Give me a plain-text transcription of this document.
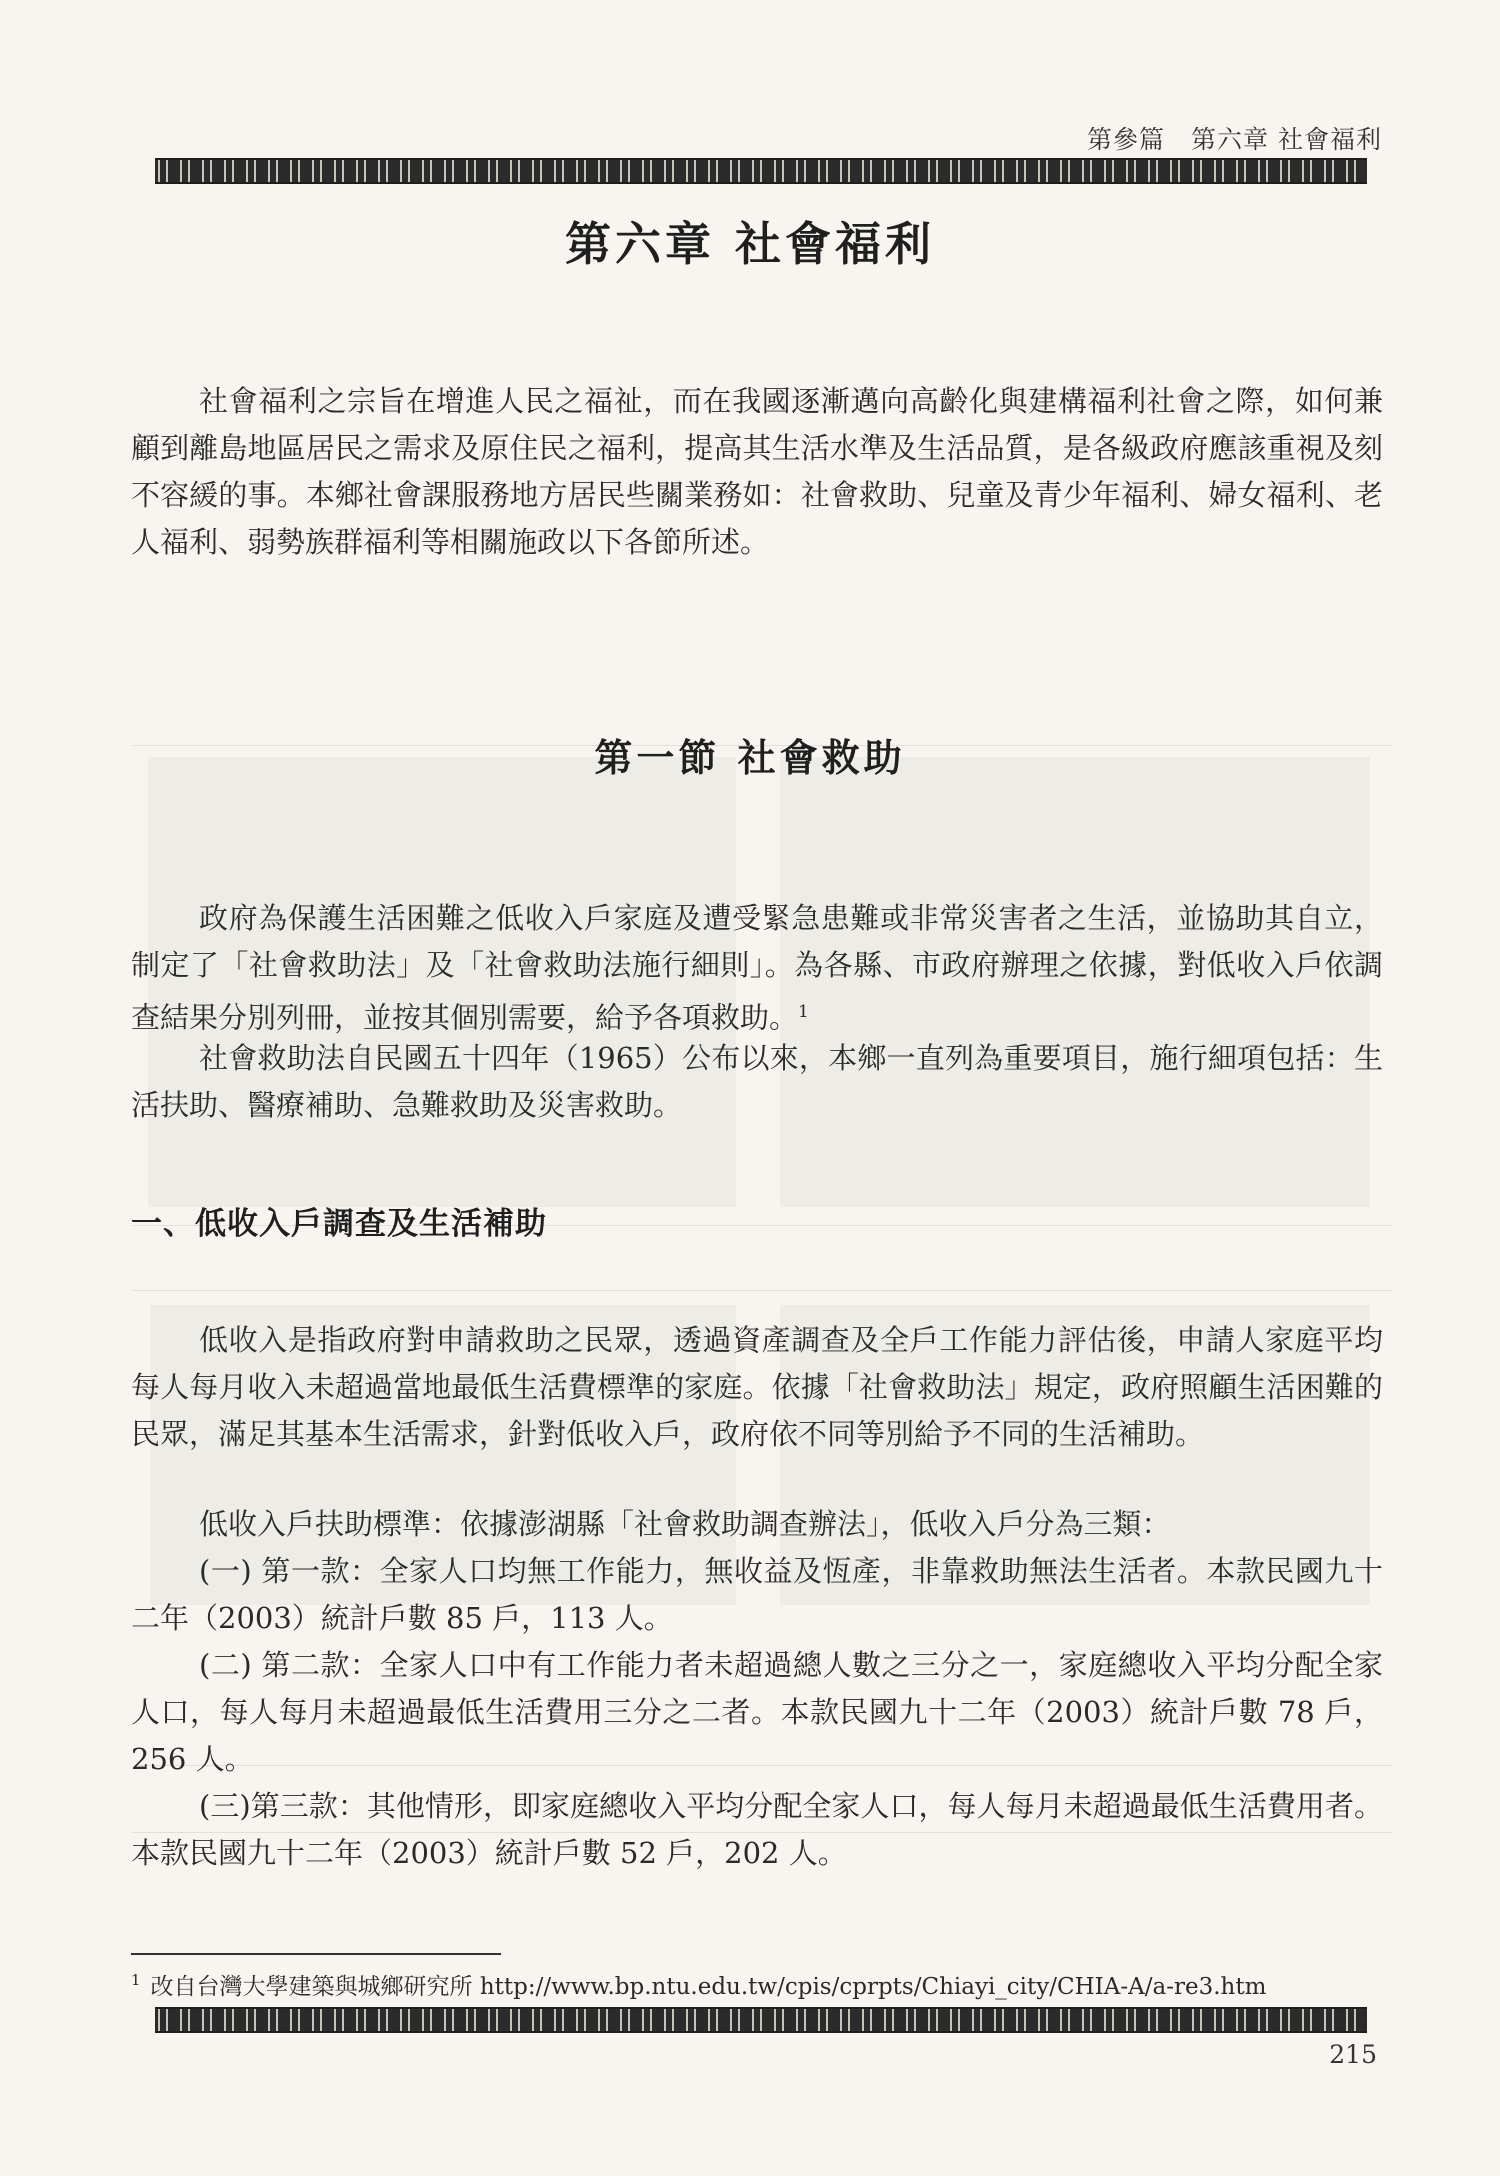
第參篇　第六章 社會福利
第六章 社會福利

社會福利之宗旨在增進人民之福祉，而在我國逐漸邁向高齡化與建構福利社會之際，如何兼顧到離島地區居民之需求及原住民之福利，提高其生活水準及生活品質，是各級政府應該重視及刻不容緩的事。本鄉社會課服務地方居民些關業務如：社會救助、兒童及青少年福利、婦女福利、老人福利、弱勢族群福利等相關施政以下各節所述。

第一節 社會救助

政府為保護生活困難之低收入戶家庭及遭受緊急患難或非常災害者之生活，並協助其自立，制定了「社會救助法」及「社會救助法施行細則」。為各縣、市政府辦理之依據，對低收入戶依調查結果分別列冊，並按其個別需要，給予各項救助。$^1$

社會救助法自民國五十四年（1965）公布以來，本鄉一直列為重要項目，施行細項包括：生活扶助、醫療補助、急難救助及災害救助。

一、低收入戶調查及生活補助

低收入是指政府對申請救助之民眾，透過資產調查及全戶工作能力評估後，申請人家庭平均每人每月收入未超過當地最低生活費標準的家庭。依據「社會救助法」規定，政府照顧生活困難的民眾，滿足其基本生活需求，針對低收入戶，政府依不同等別給予不同的生活補助。

低收入戶扶助標準：依據澎湖縣「社會救助調查辦法」，低收入戶分為三類：

(一) 第一款：全家人口均無工作能力，無收益及恆產，非靠救助無法生活者。本款民國九十二年（2003）統計戶數 85 戶，113 人。

(二) 第二款：全家人口中有工作能力者未超過總人數之三分之一，家庭總收入平均分配全家人口，每人每月未超過最低生活費用三分之二者。本款民國九十二年（2003）統計戶數 78 戶，256 人。

(三)第三款：其他情形，即家庭總收入平均分配全家人口，每人每月未超過最低生活費用者。本款民國九十二年（2003）統計戶數 52 戶，202 人。

$^1$ 改自台灣大學建築與城鄉研究所 http://www.bp.ntu.edu.tw/cpis/cprpts/Chiayi_city/CHIA-A/a-re3.htm
215
